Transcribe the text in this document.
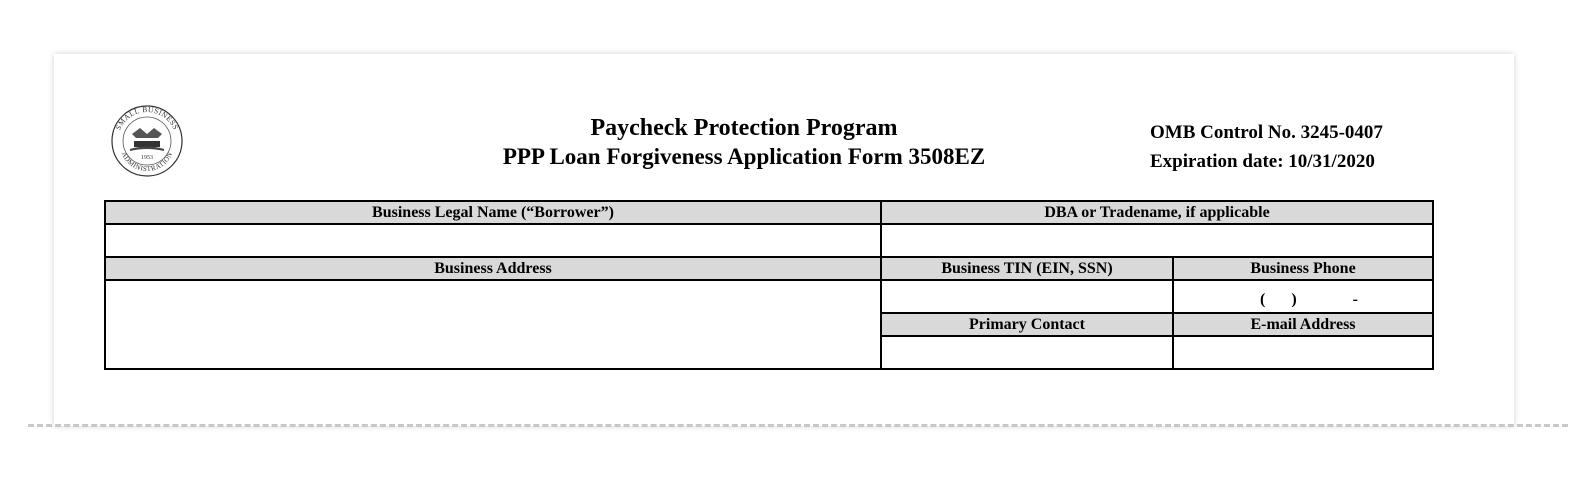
SMALL BUSINESS
ADMINISTRATION
1953
Paycheck Protection Program
PPP Loan Forgiveness Application Form 3508EZ
OMB Control No. 3245-0407
Expiration date: 10/31/2020
Business Legal Name (“Borrower”)	DBA or Tradename, if applicable	

Business Address	Business TIN (EIN, SSN)	Business Phone

		( ) -

	Primary Contact	E-mail Address
